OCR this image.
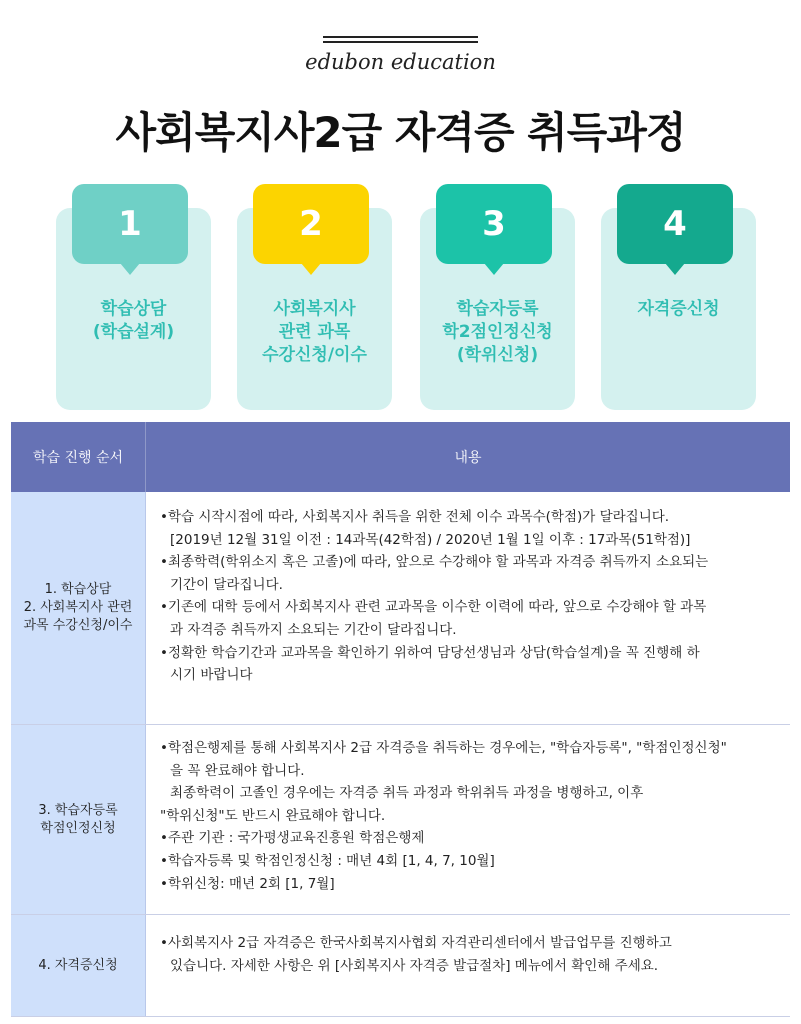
edubon education
사회복지사2급 자격증 취득과정
1
학습상담
(학습설계)
2
사회복지사
관련 과목
수강신청/이수
3
학습자등록
학2점인정신청
(학위신청)
4
자격증신청
학습 진행 순서	내용
1. 학습상담
2. 사회복지사 관련
과목 수강신청/이수
•학습 시작시점에 따라, 사회복지사 취득을 위한 전체 이수 과목수(학점)가 달라집니다.
[2019년 12월 31일 이전 : 14과목(42학점) / 2020년 1월 1일 이후 : 17과목(51학점)]
•최종학력(학위소지 혹은 고졸)에 따라, 앞으로 수강해야 할 과목과 자격증 취득까지 소요되는
기간이 달라집니다.
•기존에 대학 등에서 사회복지사 관련 교과목을 이수한 이력에 따라, 앞으로 수강해야 할 과목
과 자격증 취득까지 소요되는 기간이 달라집니다.
•정확한 학습기간과 교과목을 확인하기 위하여 담당선생님과 상담(학습설계)을 꼭 진행해 하
시기 바랍니다
3. 학습자등록
학점인정신청
•학점은행제를 통해 사회복지사 2급 자격증을 취득하는 경우에는, "학습자등록", "학점인정신청"
을 꼭 완료해야 합니다.
최종학력이 고졸인 경우에는 자격증 취득 과정과 학위취득 과정을 병행하고, 이후
"학위신청"도 반드시 완료해야 합니다.
•주관 기관 : 국가평생교육진흥원 학점은행제
•학습자등록 및 학점인정신청 : 매년 4회 [1, 4, 7, 10월]
•학위신청: 매년 2회 [1, 7월]
4. 자격증신청
•사회복지사 2급 자격증은 한국사회복지사협회 자격관리센터에서 발급업무를 진행하고
있습니다. 자세한 사항은 위 [사회복지사 자격증 발급절차] 메뉴에서 확인해 주세요.
